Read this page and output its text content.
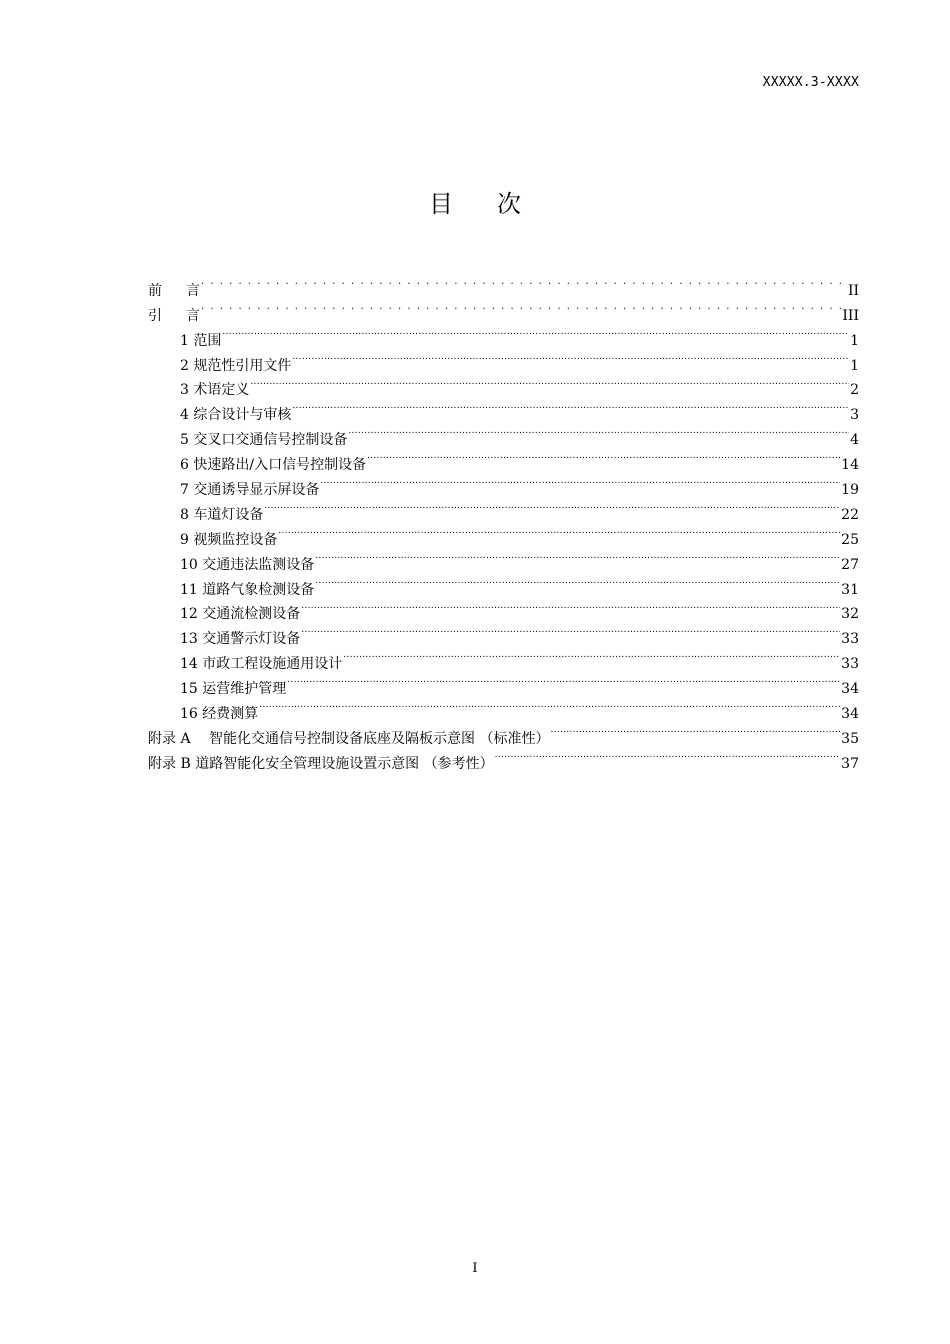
XXXXX.3-XXXX
目 次
前言 .....	II
引言 .....	III
1 范围 .....	1
2 规范性引用文件 .....	1
3 术语定义 .....	2
4 综合设计与审核 .....	3
5 交叉口交通信号控制设备 .....	4
6 快速路出/入口信号控制设备 .....	14
7 交通诱导显示屏设备 .....	19
8 车道灯设备 .....	22
9 视频监控设备 .....	25
10 交通违法监测设备 .....	27
11 道路气象检测设备 .....	31
12 交通流检测设备 .....	32
13 交通警示灯设备 .....	33
14 市政工程设施通用设计 .....	33
15 运营维护管理 .....	34
16 经费测算 .....	34
附录 A　 智能化交通信号控制设备底座及隔板示意图 （标准性） .....	35
附录 B 道路智能化安全管理设施设置示意图 （参考性） .....	37
I
